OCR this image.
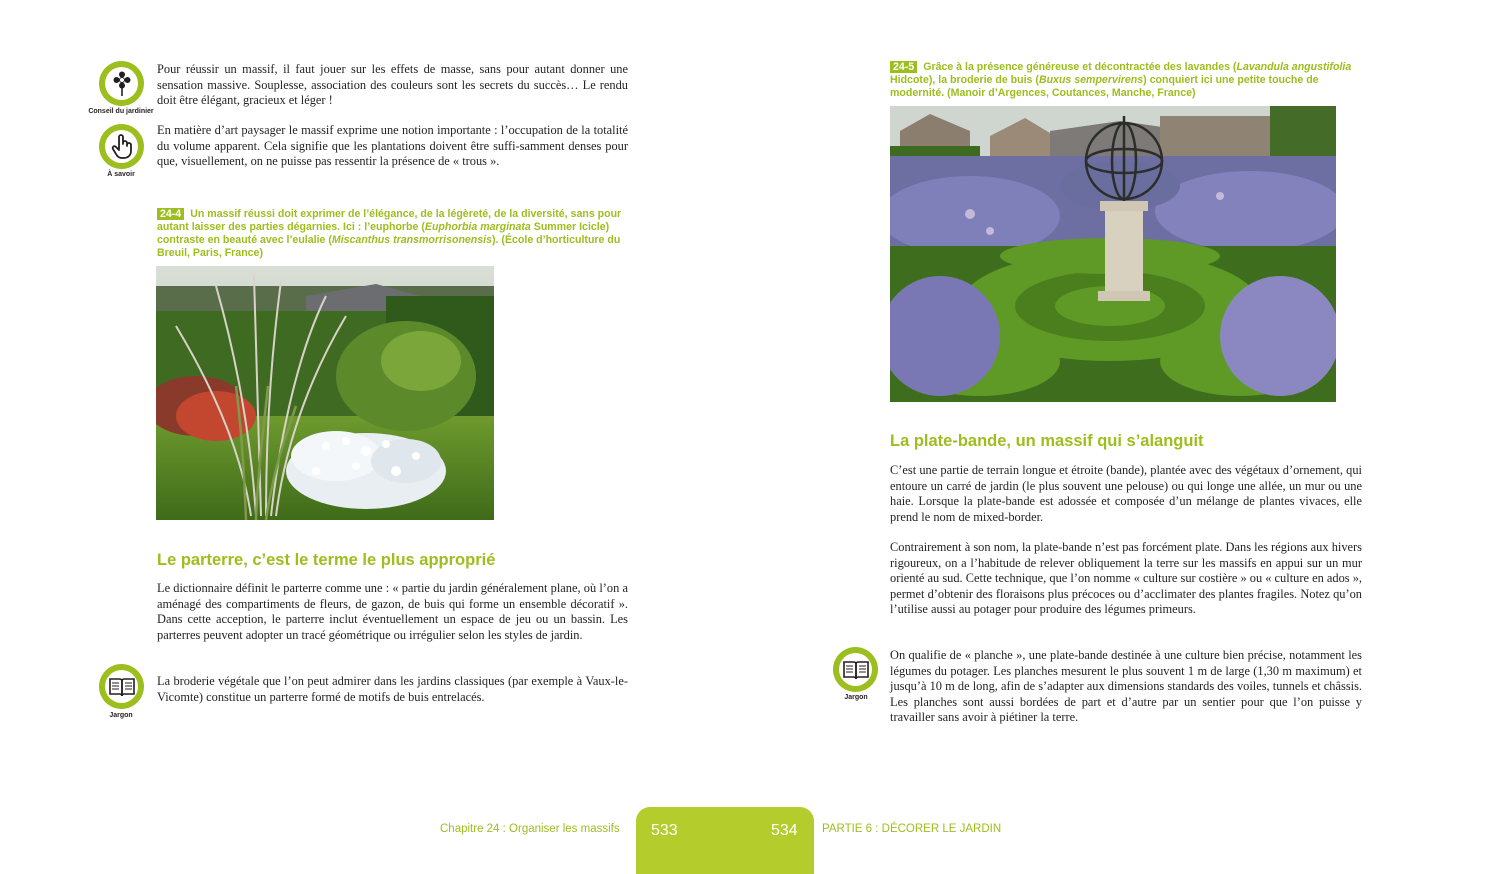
Conseil du jardinier
Pour réussir un massif, il faut jouer sur les effets de masse, sans pour autant donner une sensation massive. Souplesse, association des couleurs sont les secrets du succès… Le rendu doit être élégant, gracieux et léger !
À savoir
En matière d’art paysager le massif exprime une notion importante : l’occupation de la totalité du volume apparent. Cela signifie que les plantations doivent être suffi-samment denses pour que, visuellement, on ne puisse pas ressentir la présence de « trous ».
24-4 Un massif réussi doit exprimer de l’élégance, de la légèreté, de la diversité, sans pour autant laisser des parties dégarnies. Ici : l’euphorbe (Euphorbia marginata Summer Icicle) contraste en beauté avec l’eulalie (Miscanthus transmorrisonensis). (École d’horticulture du Breuil, Paris, France)
Le parterre, c’est le terme le plus approprié
Le dictionnaire définit le parterre comme une : « partie du jardin généralement plane, où l’on a aménagé des compartiments de fleurs, de gazon, de buis qui forme un ensemble décoratif ». Dans cette acception, le parterre inclut éventuellement un espace de jeu ou un bassin. Les parterres peuvent adopter un tracé géométrique ou irrégulier selon les styles de jardin.
Jargon
La broderie végétale que l’on peut admirer dans les jardins classiques (par exemple à Vaux-le-Vicomte) constitue un parterre formé de motifs de buis entrelacés.
24-5 Grâce à la présence généreuse et décontractée des lavandes (Lavandula angustifolia Hidcote), la broderie de buis (Buxus sempervirens) conquiert ici une petite touche de modernité. (Manoir d’Argences, Coutances, Manche, France)
La plate-bande, un massif qui s’alanguit
C’est une partie de terrain longue et étroite (bande), plantée avec des végétaux d’ornement, qui entoure un carré de jardin (le plus souvent une pelouse) ou qui longe une allée, un mur ou une haie. Lorsque la plate-bande est adossée et composée d’un mélange de plantes vivaces, elle prend le nom de mixed-border.
Contrairement à son nom, la plate-bande n’est pas forcément plate. Dans les régions aux hivers rigoureux, on a l’habitude de relever obliquement la terre sur les massifs en appui sur un mur orienté au sud. Cette technique, que l’on nomme « culture sur costière » ou « culture en ados », permet d’obtenir des floraisons plus précoces ou d’acclimater des plantes fragiles. Notez qu’on l’utilise aussi au potager pour produire des légumes primeurs.
Jargon
On qualifie de « planche », une plate-bande destinée à une culture bien précise, notamment les légumes du potager. Les planches mesurent le plus souvent 1 m de large (1,30 m maximum) et jusqu’à 10 m de long, afin de s’adapter aux dimensions standards des voiles, tunnels et châssis. Les planches sont aussi bordées de part et d’autre par un sentier pour que l’on puisse y travailler sans avoir à piétiner la terre.
Chapitre 24 : Organiser les massifs 533	534 PARTIE 6 : DÉCORER LE JARDIN
